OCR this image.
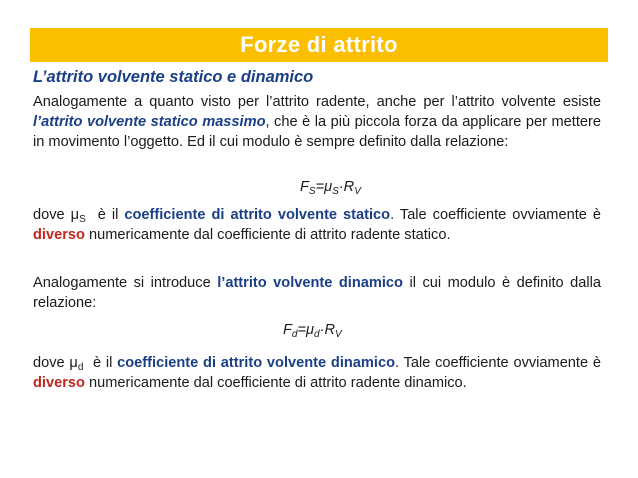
Forze di attrito
L’attrito volvente statico e dinamico
Analogamente a quanto visto per l’attrito radente, anche per l’attrito volvente esiste l’attrito volvente statico massimo, che è la più piccola forza da applicare per mettere in movimento l’oggetto. Ed il cui modulo è sempre definito dalla relazione:
$F_S=\mu_S\cdot R_V$
dove $\mu_S$  è il coefficiente di attrito volvente statico. Tale coefficiente ovviamente è diverso numericamente dal coefficiente di attrito radente statico.
Analogamente si introduce l’attrito volvente dinamico il cui modulo è definito dalla relazione:
$F_d=\mu_d\cdot R_V$
dove $\mu_d$  è il coefficiente di attrito volvente dinamico. Tale coefficiente ovviamente è diverso numericamente dal coefficiente di attrito radente dinamico.
